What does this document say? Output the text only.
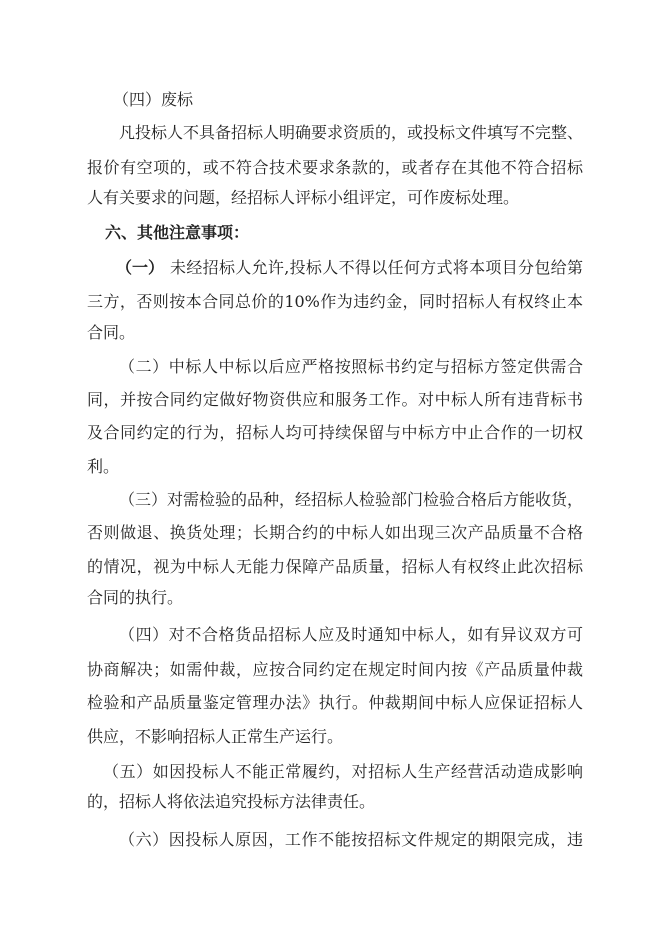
（四）废标
凡投标人不具备招标人明确要求资质的，或投标文件填写不完整、
报价有空项的，或不符合技术要求条款的，或者存在其他不符合招标
人有关要求的问题，经招标人评标小组评定，可作废标处理。
六、其他注意事项：
（一） 未经招标人允许,投标人不得以任何方式将本项目分包给第
三方，否则按本合同总价的10%作为违约金，同时招标人有权终止本
合同。
（二）中标人中标以后应严格按照标书约定与招标方签定供需合
同，并按合同约定做好物资供应和服务工作。对中标人所有违背标书
及合同约定的行为，招标人均可持续保留与中标方中止合作的一切权
利。
（三）对需检验的品种，经招标人检验部门检验合格后方能收货，
否则做退、换货处理；长期合约的中标人如出现三次产品质量不合格
的情况，视为中标人无能力保障产品质量，招标人有权终止此次招标
合同的执行。
（四）对不合格货品招标人应及时通知中标人，如有异议双方可
协商解决；如需仲裁，应按合同约定在规定时间内按《产品质量仲裁
检验和产品质量鉴定管理办法》执行。仲裁期间中标人应保证招标人
供应，不影响招标人正常生产运行。
（五）如因投标人不能正常履约，对招标人生产经营活动造成影响
的，招标人将依法追究投标方法律责任。
（六）因投标人原因，工作不能按招标文件规定的期限完成，违
